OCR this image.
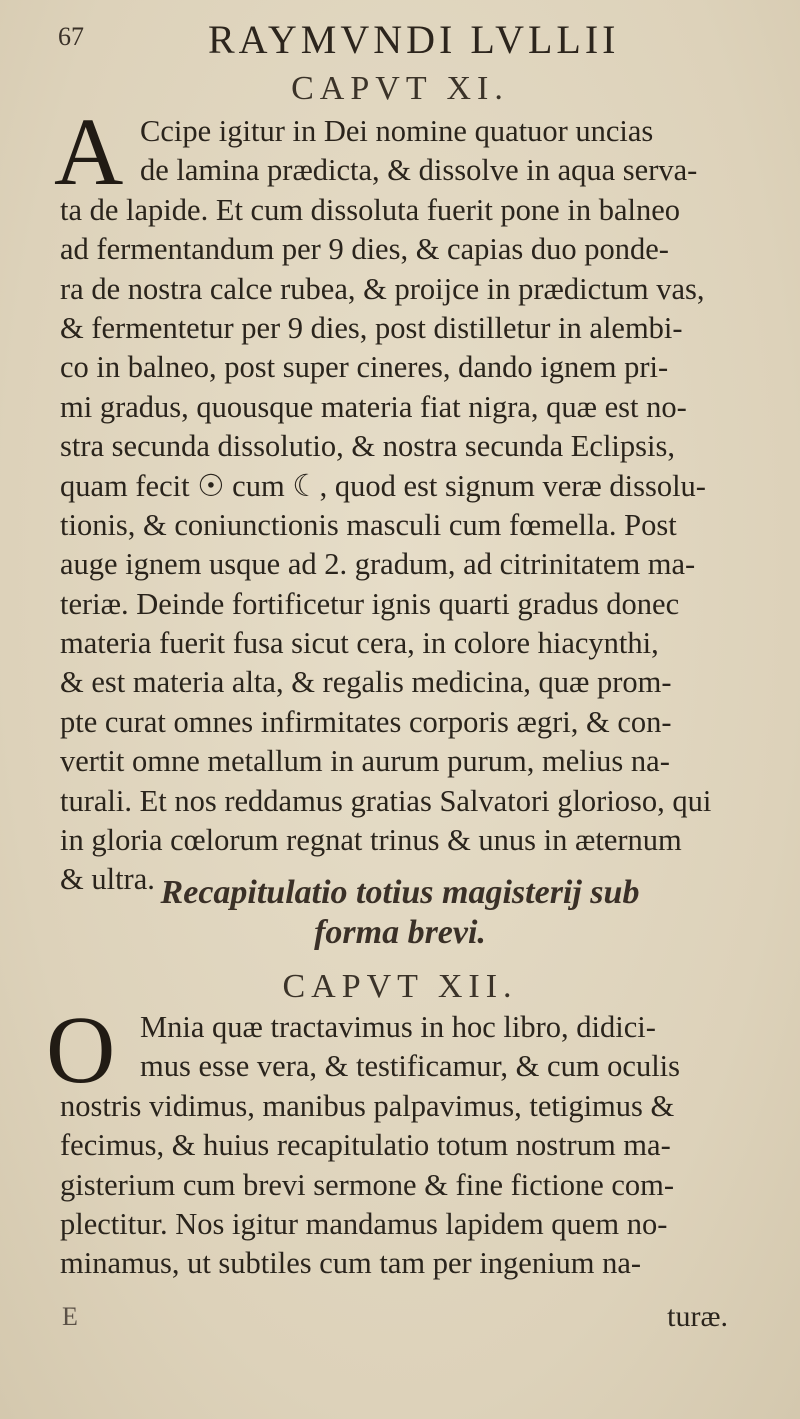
67	RAYMVNDI LVLLII
CAPVT XI.
A Ccipe igitur in Dei nomine quatuor uncias
de lamina prædicta, & dissolve in aqua serva-
ta de lapide. Et cum dissoluta fuerit pone in balneo
ad fermentandum per 9 dies, & capias duo ponde-
ra de nostra calce rubea, & proijce in prædictum vas,
& fermentetur per 9 dies, post distilletur in alembi-
co in balneo, post super cineres, dando ignem pri-
mi gradus, quousque materia fiat nigra, quæ est no-
stra secunda dissolutio, & nostra secunda Eclipsis,
quam fecit ☉ cum ☾, quod est signum veræ dissolu-
tionis, & coniunctionis masculi cum fœmella. Post
auge ignem usque ad 2. gradum, ad citrinitatem ma-
teriæ. Deinde fortificetur ignis quarti gradus donec
materia fuerit fusa sicut cera, in colore hiacynthi,
& est materia alta, & regalis medicina, quæ prom-
pte curat omnes infirmitates corporis ægri, & con-
vertit omne metallum in aurum purum, melius na-
turali. Et nos reddamus gratias Salvatori glorioso, qui
in gloria cœlorum regnat trinus & unus in æternum
& ultra. Recapitulatio totius magisterij sub
forma brevi.
CAPVT XII.
O Mnia quæ tractavimus in hoc libro, didici-
mus esse vera, & testificamur, & cum oculis
nostris vidimus, manibus palpavimus, tetigimus &
fecimus, & huius recapitulatio totum nostrum ma-
gisterium cum brevi sermone & fine fictione com-
plectitur. Nos igitur mandamus lapidem quem no-
minamus, ut subtiles cum tam per ingenium na-
E	turæ.
